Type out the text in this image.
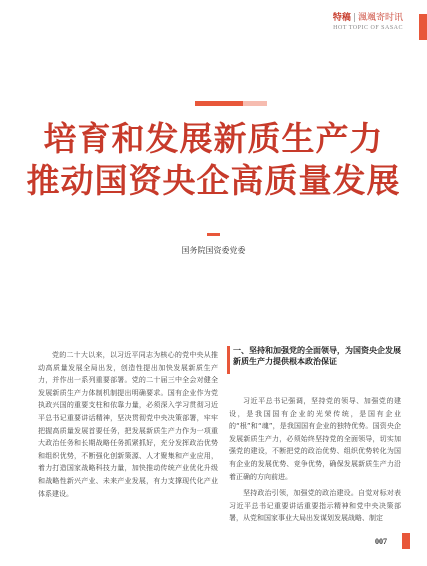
特稿 | 渢颯寄时讯
HOT TOPIC OF SASAC
培育和发展新质生产力
推动国资央企高质量发展
国务院国资委党委

党的二十大以来，以习近平同志为核心的党中央从推动高质量发展全局出发，创造性提出加快发展新质生产力，并作出一系列重要部署。党的二十届三中全会对健全发展新质生产力体制机制提出明确要求。国有企业作为党执政兴国的重要支柱和依靠力量，必须深入学习贯彻习近平总书记重要讲话精神，坚决贯彻党中央决策部署，牢牢把握高质量发展首要任务，把发展新质生产力作为一项重大政治任务和长期战略任务抓紧抓好，充分发挥政治优势和组织优势，不断强化创新策源、人才聚集和产业应用，着力打造国家战略科技力量，加快推动传统产业优化升级和战略性新兴产业、未来产业发展，有力支撑现代化产业体系建设。

一、坚持和加强党的全面领导，为国资央企发展新质生产力提供根本政治保证

习近平总书记强调，坚持党的领导、加强党的建设，是我国国有企业的光荣传统，是国有企业的“根”和“魂”，是我国国有企业的独特优势。国资央企发展新质生产力，必须始终坚持党的全面领导，切实加强党的建设，不断把党的政治优势、组织优势转化为国有企业的发展优势、竞争优势，确保发展新质生产力沿着正确的方向前进。

坚持政治引领，加强党的政治建设。自觉对标对表习近平总书记重要讲话重要指示精神和党中央决策部署，从党和国家事业大局出发谋划发展战略、制定

007
